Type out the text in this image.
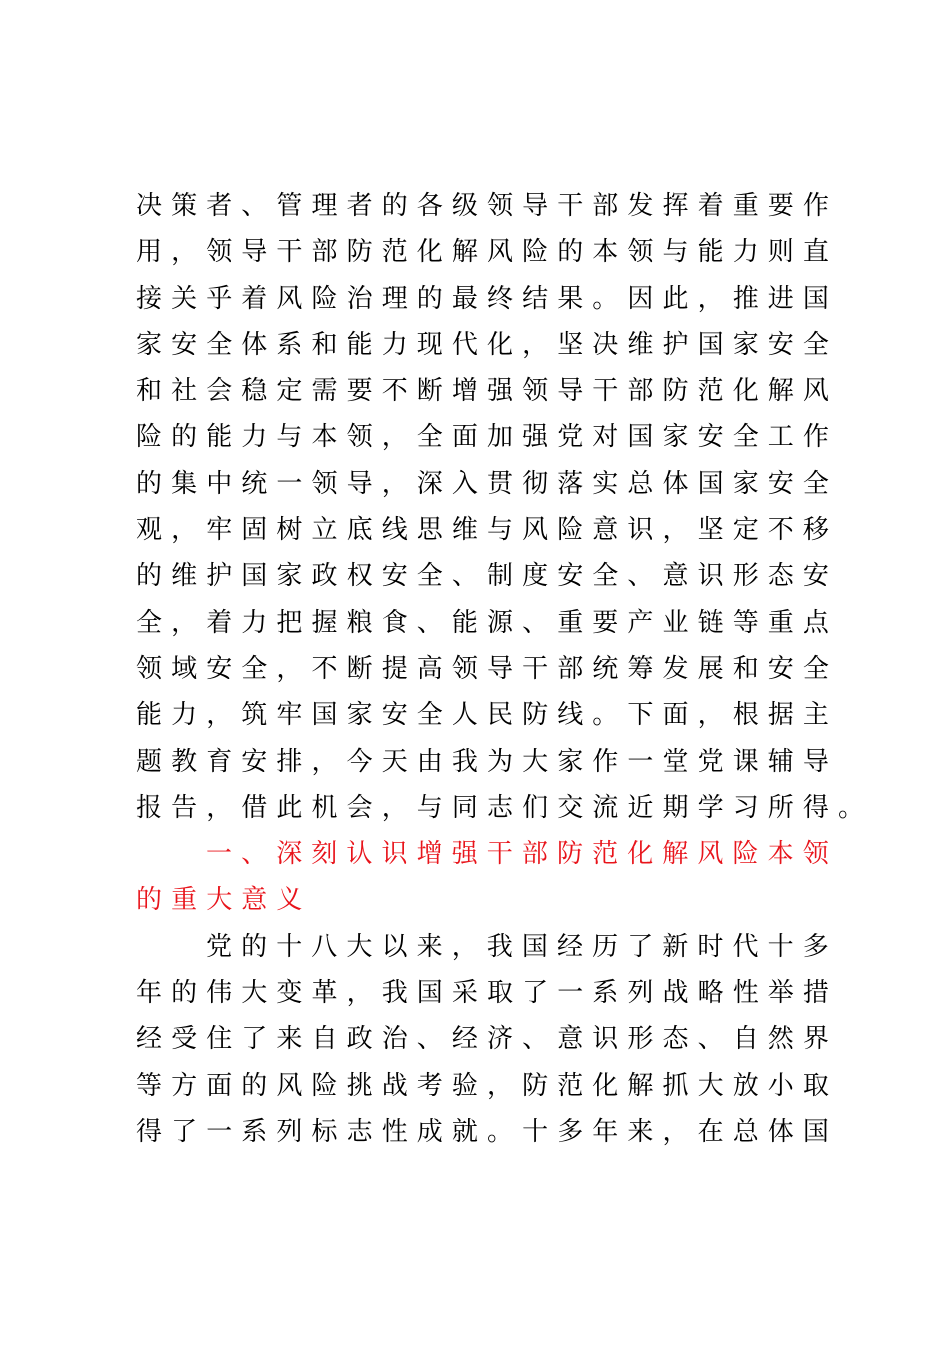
决策者、管理者的各级领导干部发挥着重要作
用，领导干部防范化解风险的本领与能力则直
接关乎着风险治理的最终结果。因此，推进国
家安全体系和能力现代化，坚决维护国家安全
和社会稳定需要不断增强领导干部防范化解风
险的能力与本领，全面加强党对国家安全工作
的集中统一领导，深入贯彻落实总体国家安全
观，牢固树立底线思维与风险意识，坚定不移
的维护国家政权安全、制度安全、意识形态安
全，着力把握粮食、能源、重要产业链等重点
领域安全，不断提高领导干部统筹发展和安全
能力，筑牢国家安全人民防线。下面，根据主
题教育安排，今天由我为大家作一堂党课辅导
报告，借此机会，与同志们交流近期学习所得。
一、深刻认识增强干部防范化解风险本领
的重大意义
党的十八大以来，我国经历了新时代十多
年的伟大变革，我国采取了一系列战略性举措
经受住了来自政治、经济、意识形态、自然界
等方面的风险挑战考验，防范化解抓大放小取
得了一系列标志性成就。十多年来，在总体国
